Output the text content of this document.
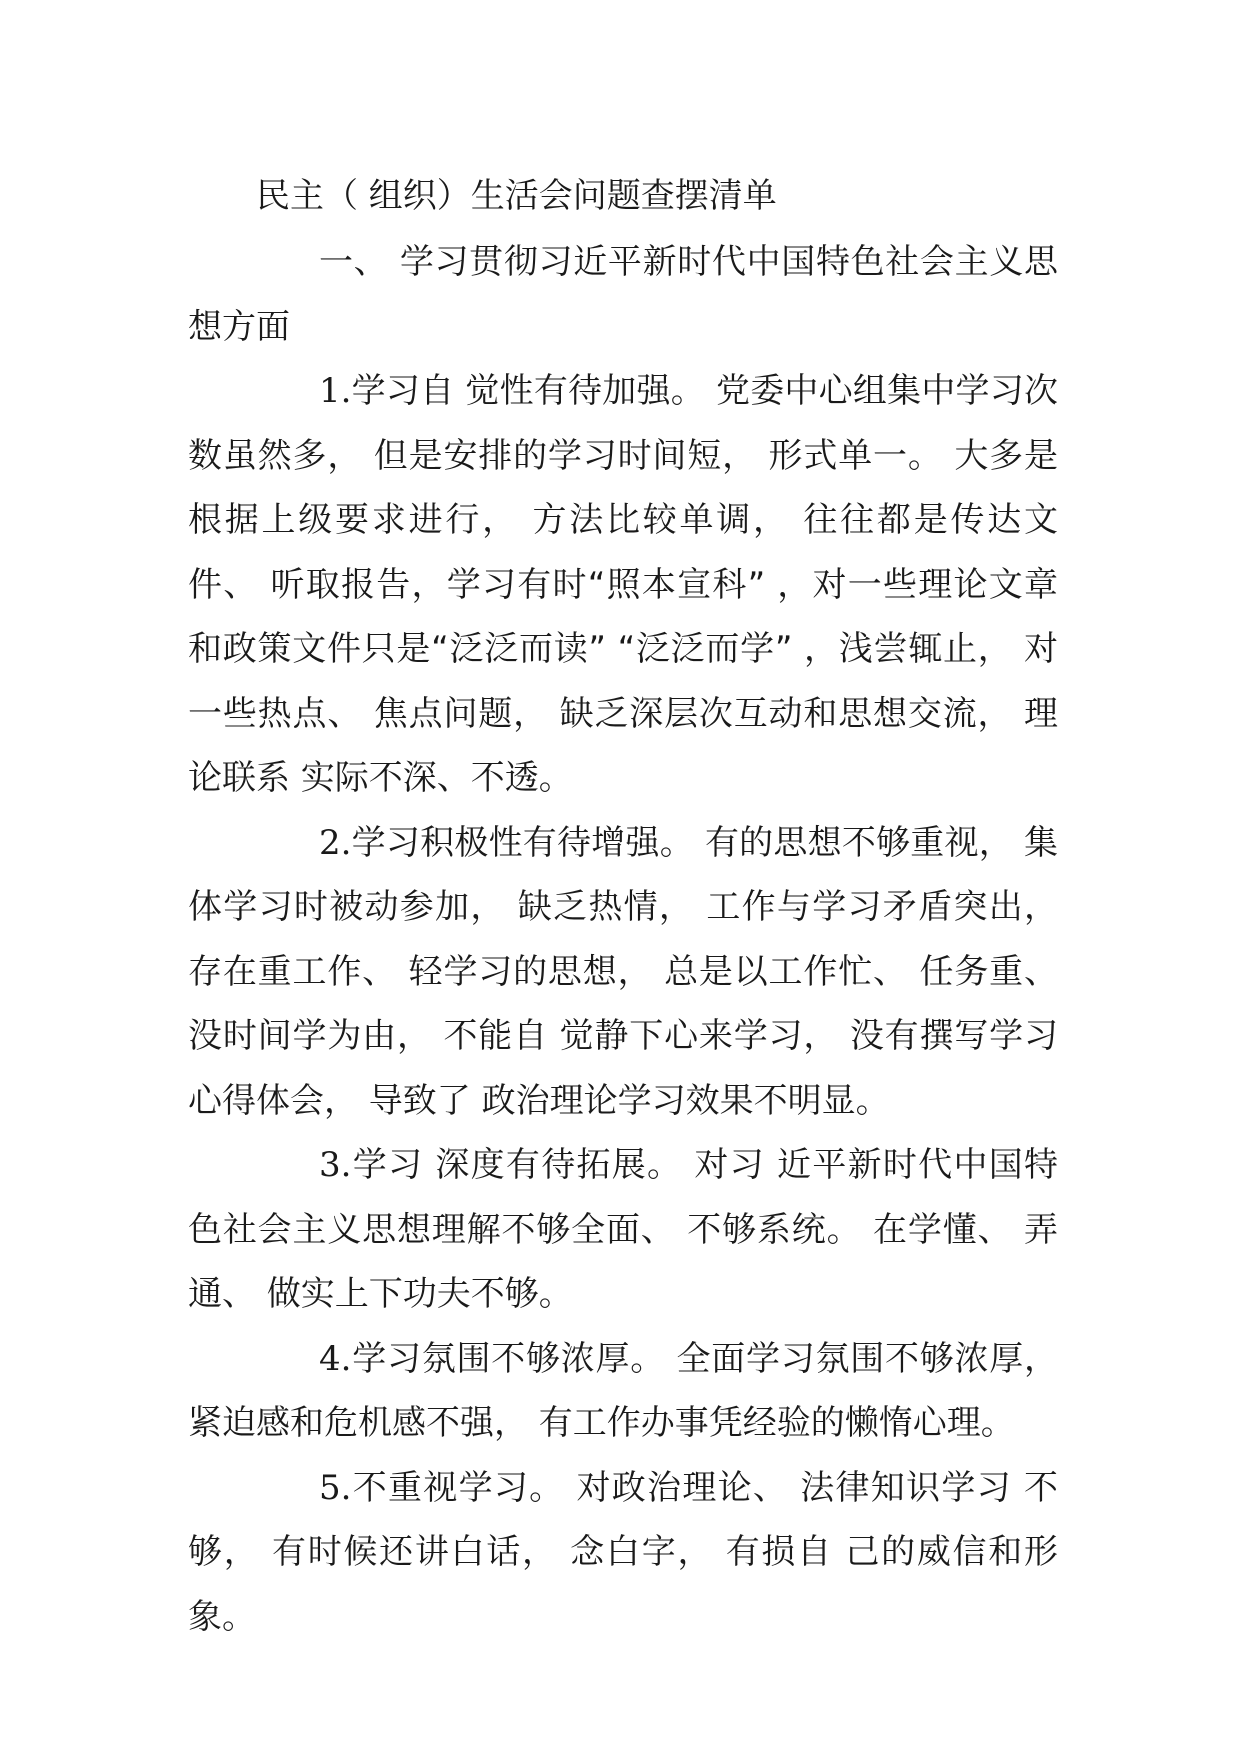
民主（ 组织）生活会问题查摆清单

一、 学习贯彻习近平新时代中国特色社会主义思想方面

1.学习自 觉性有待加强。 党委中心组集中学习次数虽然多， 但是安排的学习时间短， 形式单一。 大多是根据上级要求进行， 方法比较单调， 往往都是传达文件、 听取报告，学习有时“照本宣科” ，对一些理论文章和政策文件只是“泛泛而读” “泛泛而学” ，浅尝辄止， 对一些热点、 焦点问题， 缺乏深层次互动和思想交流， 理论联系 实际不深、不透。

2.学习积极性有待增强。 有的思想不够重视， 集体学习时被动参加， 缺乏热情， 工作与学习矛盾突出， 存在重工作、 轻学习的思想， 总是以工作忙、 任务重、 没时间学为由， 不能自 觉静下心来学习， 没有撰写学习心得体会， 导致了 政治理论学习效果不明显。

3.学习 深度有待拓展。 对习 近平新时代中国特色社会主义思想理解不够全面、 不够系统。 在学懂、 弄通、 做实上下功夫不够。

4.学习氛围不够浓厚。 全面学习氛围不够浓厚， 紧迫感和危机感不强， 有工作办事凭经验的懒惰心理。

5.不重视学习。 对政治理论、 法律知识学习 不够， 有时候还讲白话， 念白字， 有损自 己的威信和形象。
